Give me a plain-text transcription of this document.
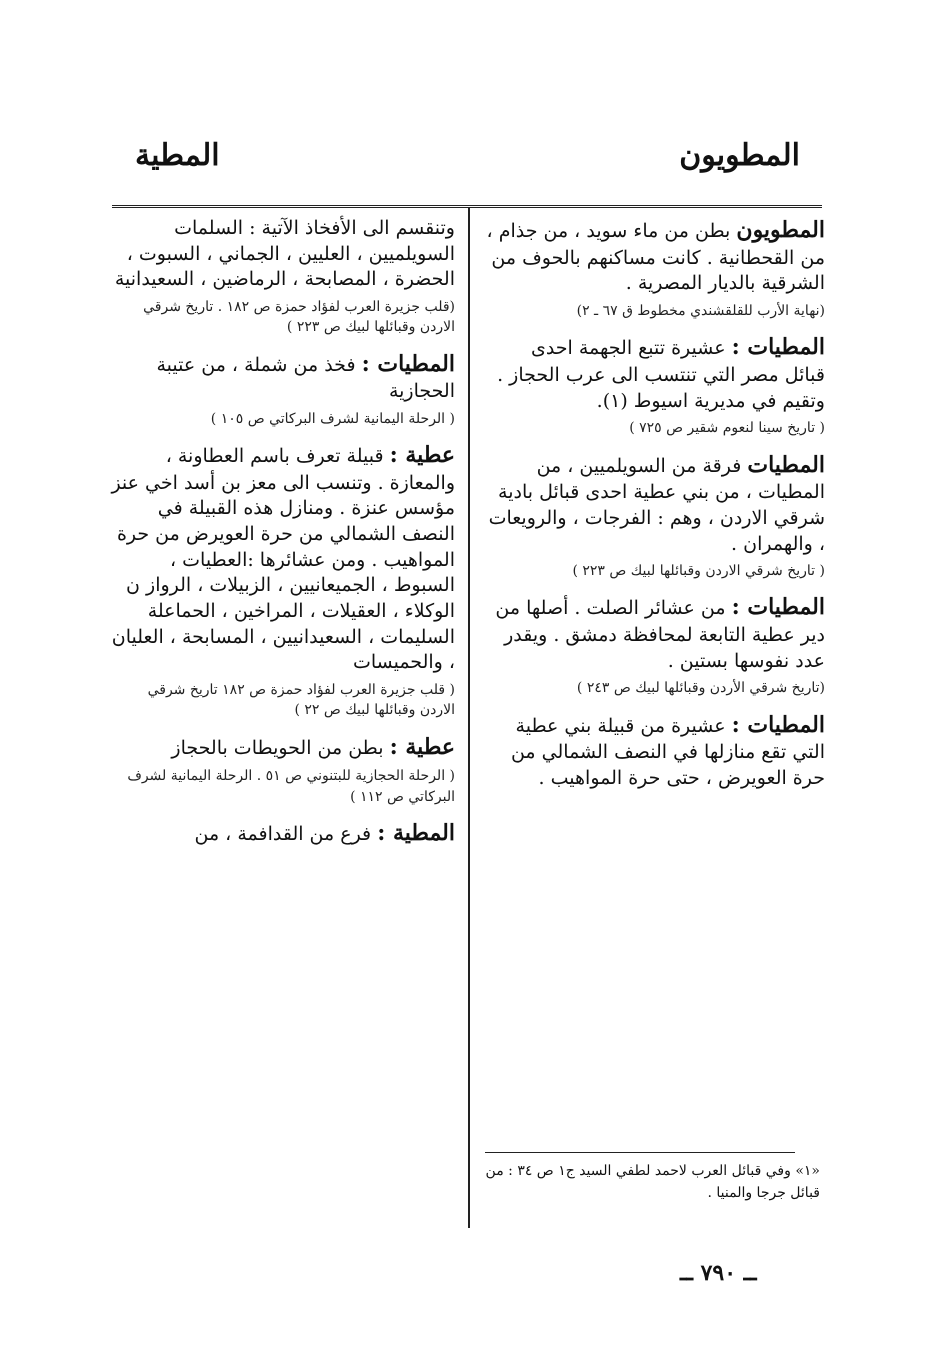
المطويون
المطية
المطويون بطن من ماء سويد ، من جذام ، من القحطانية . كانت مساكنهم بالحوف من الشرقية بالديار المصرية .
(نهاية الأرب للقلقشندي مخطوط ق ٦٧ ـ ٢)
المطيات : عشيرة تتبع الجهمة احدى قبائل مصر التي تنتسب الى عرب الحجاز . وتقيم في مديرية اسيوط (١).
( تاريخ سينا لنعوم شقير ص ٧٢٥ )
المطيات فرقة من السويلميين ، من المطيات ، من بني عطية احدى قبائل بادية شرقي الاردن ، وهم : الفرجات ، والرويعات ، والهمران .
( تاريخ شرقي الاردن وقبائلها لبيك ص ٢٢٣ )
المطيات : من عشائر الصلت . أصلها من دير عطية التابعة لمحافظة دمشق . ويقدر عدد نفوسها بستين .
(تاريخ شرقي الأردن وقبائلها لبيك ص ٢٤٣ )
المطيات : عشيرة من قبيلة بني عطية التي تقع منازلها في النصف الشمالي من حرة العويرض ، حتى حرة المواهيب .
«١» وفي قبائل العرب لاحمد لطفي السيد ج١ ص ٣٤ : من قبائل جرجا والمنيا .
وتنقسم الى الأفخاذ الآتية : السلمات السويلميين ، العليين ، الجماني ، السبوت ، الحضرة ، المصابحة ، الرماضين ، السعيدانية
(قلب جزيرة العرب لفؤاد حمزة ص ١٨٢ . تاريخ شرقي الاردن وقبائلها لبيك ص ٢٢٣ )
المطيات : فخذ من شملة ، من عتيبة الحجازية
( الرحلة اليمانية لشرف البركاتي ص ١٠٥ )
عطية : قبيلة تعرف باسم العطاونة ، والمعازة . وتنسب الى معز بن أسد اخي عنز مؤسس عنزة . ومنازل هذه القبيلة في النصف الشمالي من حرة العويرض من حرة المواهيب . ومن عشائرها :العطيات ، السبوط ، الجميعانيين ، الزبيلات ، الرواز ن الوكلاء ، العقيلات ، المراخين ، الحماعلة السليمات ، السعيدانيين ، المسابحة ، العليان ، والحميسات
( قلب جزيرة العرب لفؤاد حمزة ص ١٨٢ تاريخ شرقي الاردن وقبائلها لبيك ص ٢٢ )
عطية : بطن من الحويطات بالحجاز
( الرحلة الحجازية للبتنوني ص ٥١ . الرحلة اليمانية لشرف البركاتي ص ١١٢ )
المطية : فرع من القدافمة ، من
ــ ٧٩٠ ــ
